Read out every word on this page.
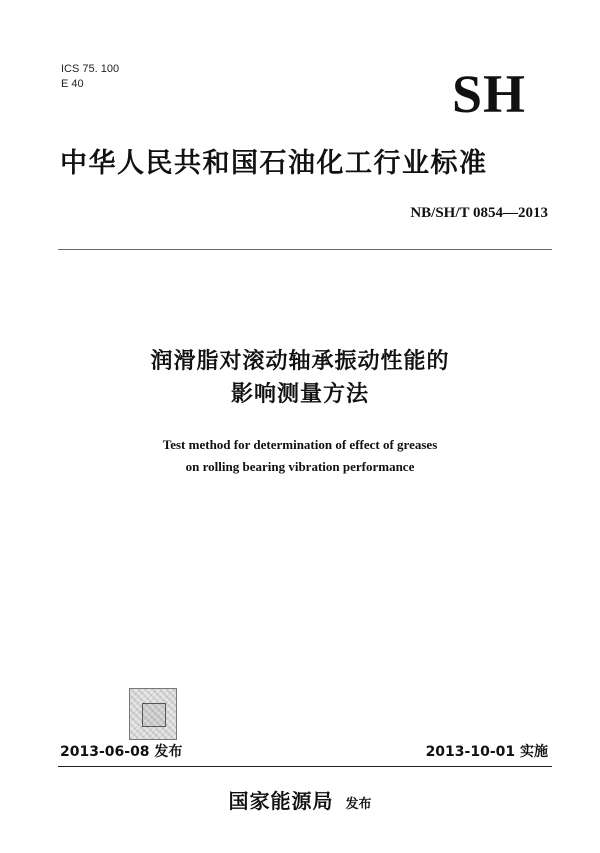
ICS 75. 100
E 40	SH
中华人民共和国石油化工行业标准
NB/SH/T 0854—2013
润滑脂对滚动轴承振动性能的
影响测量方法
Test method for determination of effect of greases
on rolling bearing vibration performance
2013-06-08 发布	2013-10-01 实施
国家能源局 发布
